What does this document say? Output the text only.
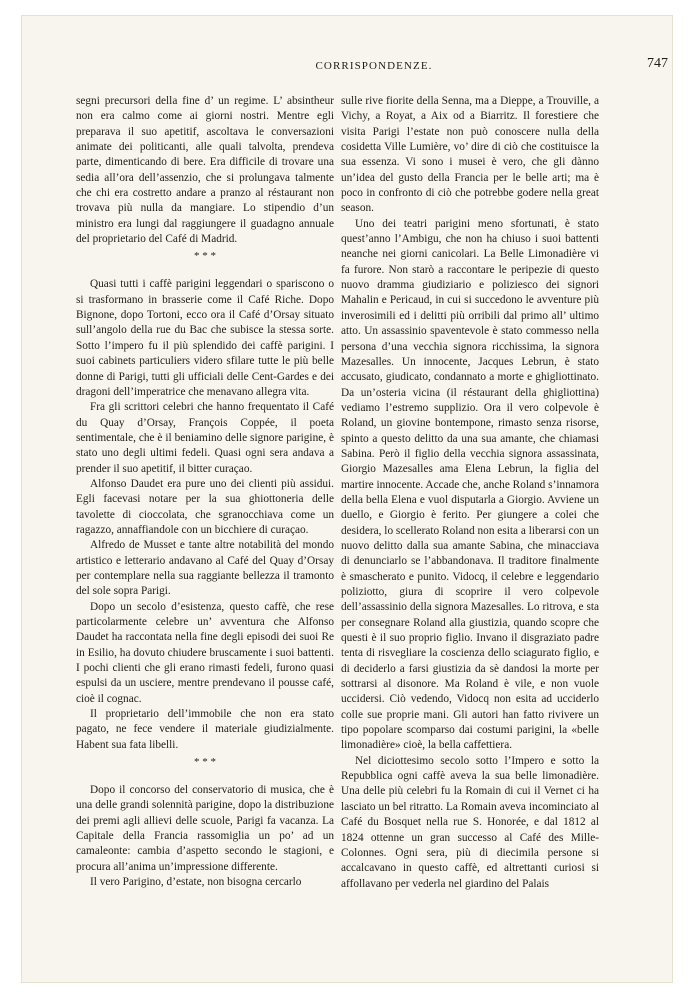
CORRISPONDENZE.	747

segni precursori della fine d’ un regime. L’ absintheur non era calmo come ai giorni nostri. Mentre egli preparava il suo apetitif, ascoltava le conversazioni animate dei politicanti, alle quali talvolta, prendeva parte, dimenticando di bere. Era difficile di trovare una sedia all’ora dell’assenzio, che si prolungava talmente che chi era costretto andare a pranzo al réstaurant non trovava più nulla da mangiare. Lo stipendio d’un ministro era lungi dal raggiungere il guadagno annuale del proprietario del Café di Madrid.

* * *

Quasi tutti i caffè parigini leggendari o spariscono o si trasformano in brasserie come il Café Riche. Dopo Bignone, dopo Tortoni, ecco ora il Café d’Orsay situato sull’angolo della rue du Bac che subisce la stessa sorte. Sotto l’impero fu il più splendido dei caffè parigini. I suoi cabinets particuliers videro sfilare tutte le più belle donne di Parigi, tutti gli ufficiali delle Cent-Gardes e dei dragoni dell’imperatrice che menavano allegra vita.

Fra gli scrittori celebri che hanno frequentato il Café du Quay d’Orsay, François Coppée, il poeta sentimentale, che è il beniamino delle signore parigine, è stato uno degli ultimi fedeli. Quasi ogni sera andava a prender il suo apetitif, il bitter curaçao.

Alfonso Daudet era pure uno dei clienti più assidui. Egli facevasi notare per la sua ghiottoneria delle tavolette di cioccolata, che sgranocchiava come un ragazzo, annaffiandole con un bicchiere di curaçao.

Alfredo de Musset e tante altre notabilità del mondo artistico e letterario andavano al Café del Quay d’Orsay per contemplare nella sua raggiante bellezza il tramonto del sole sopra Parigi.

Dopo un secolo d’esistenza, questo caffè, che rese particolarmente celebre un’ avventura che Alfonso Daudet ha raccontata nella fine degli episodi dei suoi Re in Esilio, ha dovuto chiudere bruscamente i suoi battenti. I pochi clienti che gli erano rimasti fedeli, furono quasi espulsi da un usciere, mentre prendevano il pousse café, cioè il cognac.

Il proprietario dell’immobile che non era stato pagato, ne fece vendere il materiale giudizialmente. Habent sua fata libelli.

* * *

Dopo il concorso del conservatorio di musica, che è una delle grandi solennità parigine, dopo la distribuzione dei premi agli allievi delle scuole, Parigi fa vacanza. La Capitale della Francia rassomiglia un po’ ad un camaleonte: cambia d’aspetto secondo le stagioni, e procura all’anima un’impressione differente.

Il vero Parigino, d’estate, non bisogna cercarlo

sulle rive fiorite della Senna, ma a Dieppe, a Trouville, a Vichy, a Royat, a Aix od a Biarritz. Il forestiere che visita Parigi l’estate non può conoscere nulla della cosidetta Ville Lumière, vo’ dire di ciò che costituisce la sua essenza. Vi sono i musei è vero, che gli dànno un’idea del gusto della Francia per le belle arti; ma è poco in confronto di ciò che potrebbe godere nella great season.

Uno dei teatri parigini meno sfortunati, è stato quest’anno l’Ambigu, che non ha chiuso i suoi battenti neanche nei giorni canicolari. La Belle Limonadière vi fa furore. Non starò a raccontare le peripezie di questo nuovo dramma giudiziario e poliziesco dei signori Mahalin e Pericaud, in cui si succedono le avventure più inverosimili ed i delitti più orribili dal primo all’ ultimo atto. Un assassinio spaventevole è stato commesso nella persona d’una vecchia signora ricchissima, la signora Mazesalles. Un innocente, Jacques Lebrun, è stato accusato, giudicato, condannato a morte e ghigliottinato. Da un’osteria vicina (il réstaurant della ghigliottina) vediamo l’estremo supplizio. Ora il vero colpevole è Roland, un giovine bontempone, rimasto senza risorse, spinto a questo delitto da una sua amante, che chiamasi Sabina. Però il figlio della vecchia signora assassinata, Giorgio Mazesalles ama Elena Lebrun, la figlia del martire innocente. Accade che, anche Roland s’innamora della bella Elena e vuol disputarla a Giorgio. Avviene un duello, e Giorgio è ferito. Per giungere a colei che desidera, lo scellerato Roland non esita a liberarsi con un nuovo delitto dalla sua amante Sabina, che minacciava di denunciarlo se l’abbandonava. Il traditore finalmente è smascherato e punito. Vidocq, il celebre e leggendario poliziotto, giura di scoprire il vero colpevole dell’assassinio della signora Mazesalles. Lo ritrova, e sta per consegnare Roland alla giustizia, quando scopre che questi è il suo proprio figlio. Invano il disgraziato padre tenta di risvegliare la coscienza dello sciagurato figlio, e di deciderlo a farsi giustizia da sè dandosi la morte per sottrarsi al disonore. Ma Roland è vile, e non vuole uccidersi. Ciò vedendo, Vidocq non esita ad ucciderlo colle sue proprie mani. Gli autori han fatto rivivere un tipo popolare scomparso dai costumi parigini, la «belle limonadière» cioè, la bella caffettiera.

Nel diciottesimo secolo sotto l’Impero e sotto la Repubblica ogni caffè aveva la sua belle limonadière. Una delle più celebri fu la Romain di cui il Vernet ci ha lasciato un bel ritratto. La Romain aveva incominciato al Café du Bosquet nella rue S. Honorée, e dal 1812 al 1824 ottenne un gran successo al Café des Mille-Colonnes. Ogni sera, più di diecimila persone si accalcavano in questo caffè, ed altrettanti curiosi si affollavano per vederla nel giardino del Palais
